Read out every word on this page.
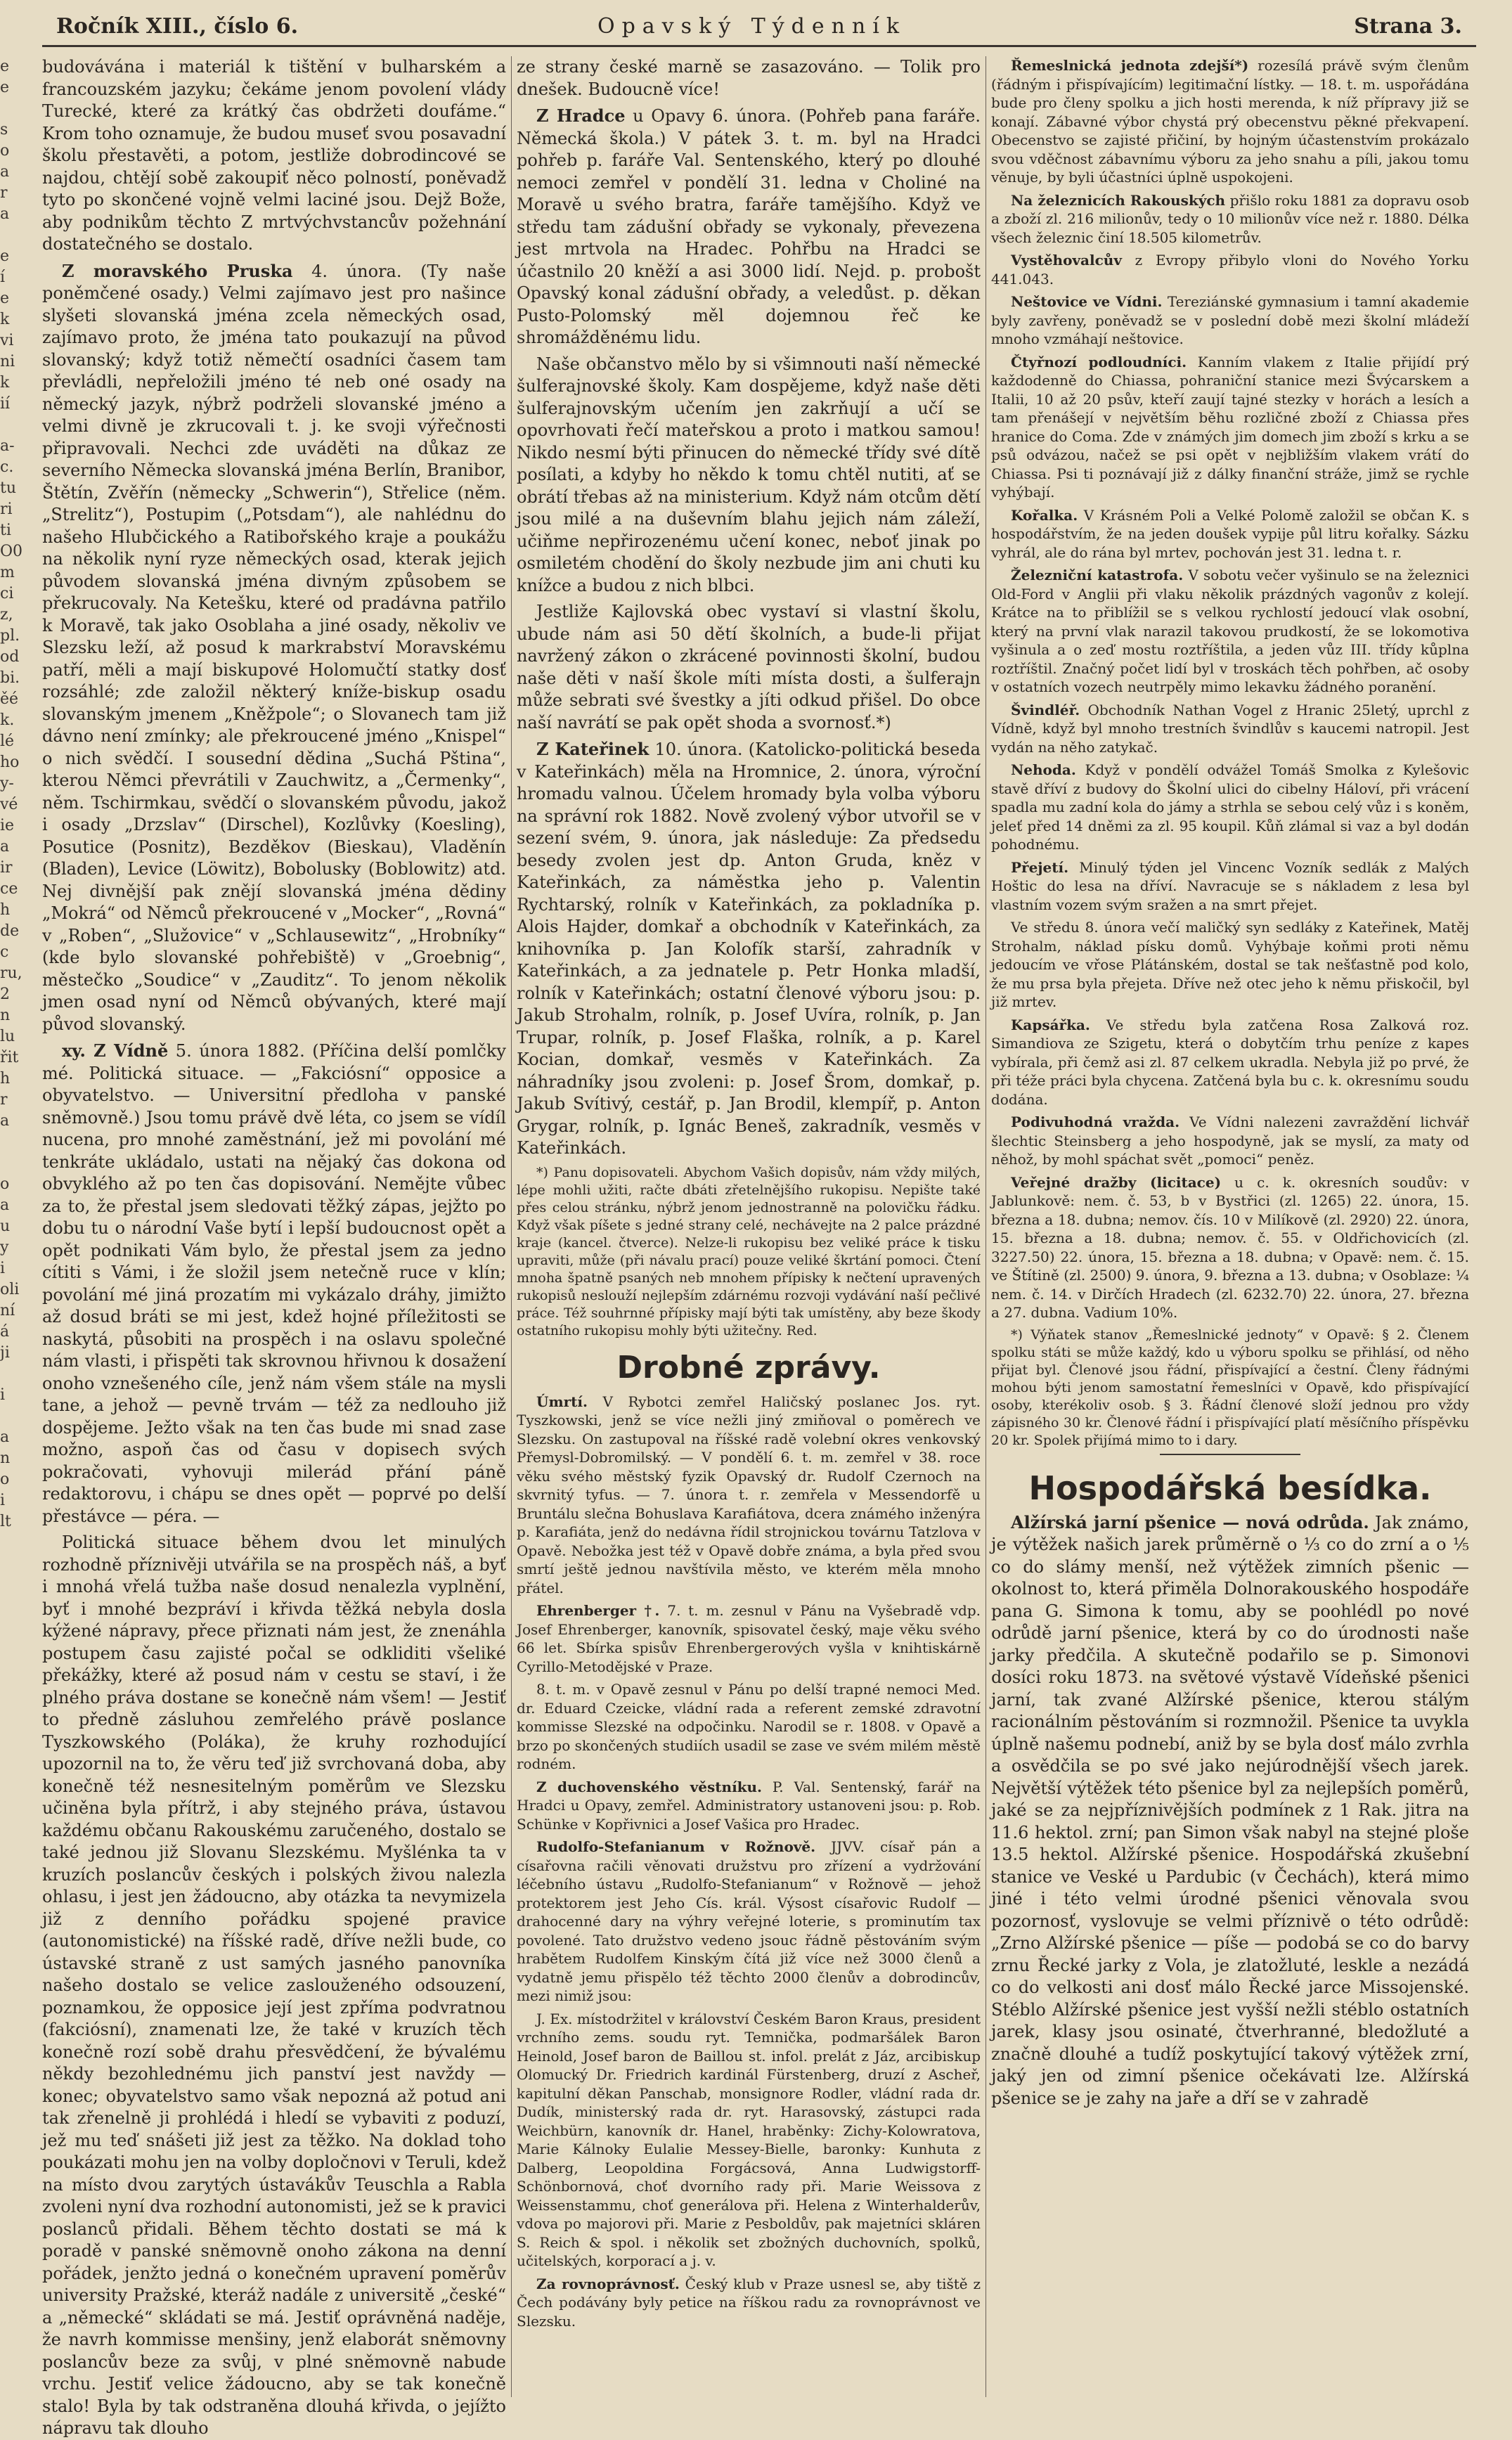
Ročník XIII., číslo 6.	Opavský Týdenník	Strana 3.
e
e

s
o
a
r
a

e
í
e
k
vi
ni
k
ií

a-
c.
tu
ri
ti
O0
m
ci
z,
pl.
od
bi.
ěé
k.
lé
ho
y-
vé
ie
a
ir
ce
h
de
c
ru,
2
n
lu
řit
h
r
a

o
a
u
y
i
oli
ní
á
ji

i

a
n
o
i
lt

budovávána i materiál k tištění v bulharském a francouzském jazyku; čekáme jenom povolení vlády Turecké, které za krátký čas obdržeti doufáme.“ Krom toho oznamuje, že budou museť svou posavadní školu přestavěti, a potom, jestliže dobrodincové se najdou, chtějí sobě zakoupiť něco polností, poněvadž tyto po skončené vojně velmi laciné jsou. Dejž Bože, aby podnikům těchto Z mrtvýchvstancův požehnání dostatečného se dostalo.

Z moravského Pruska 4. února. (Ty naše poněmčené osady.) Velmi zajímavo jest pro našince slyšeti slovanská jména zcela německých osad, zajímavo proto, že jména tato poukazují na původ slovanský; když totiž němečtí osadníci časem tam převládli, nepřeložili jméno té neb oné osady na německý jazyk, nýbrž podrželi slovanské jméno a velmi divně je zkrucovali t. j. ke svoji výřečnosti připravovali. Nechci zde uváděti na důkaz ze severního Německa slovanská jména Berlín, Branibor, Štětín, Zvěřín (německy „Schwerin“), Střelice (něm. „Strelitz“), Postupim („Potsdam“), ale nahlédnu do našeho Hlubčického a Ratibořského kraje a poukážu na několik nyní ryze německých osad, kterak jejich původem slovanská jména divným způsobem se překrucovaly. Na Ketešku, které od pradávna patřilo k Moravě, tak jako Osoblaha a jiné osady, několiv ve Slezsku leží, až posud k markrabství Moravskému patří, měli a mají biskupové Holomučtí statky dosť rozsáhlé; zde založil některý kníže-biskup osadu slovanským jmenem „Kněžpole“; o Slovanech tam již dávno není zmínky; ale překroucené jméno „Knispel“ o nich svědčí. I sousední dědina „Suchá Pština“, kterou Němci převrátili v Zauchwitz, a „Čermenky“, něm. Tschirmkau, svědčí o slovanském původu, jakož i osady „Drzslav“ (Dirschel), Kozlůvky (Koesling), Posutice (Posnitz), Bezděkov (Bieskau), Vladěnín (Bladen), Levice (Löwitz), Bobolusky (Boblowitz) atd. Nej divnější pak znějí slovanská jména dědiny „Mokrá“ od Němců překroucené v „Mocker“, „Rovná“ v „Roben“, „Služovice“ v „Schlausewitz“, „Hrobníky“ (kde bylo slovanské pohřebiště) v „Groebnig“, městečko „Soudice“ v „Zauditz“. To jenom několik jmen osad nyní od Němců obývaných, které mají původ slovanský.

xy. Z Vídně 5. února 1882. (Příčina delší pomlčky mé. Politická situace. — „Fakciósní“ opposice a obyvatelstvo. — Universitní předloha v panské sněmovně.) Jsou tomu právě dvě léta, co jsem se vídíl nucena, pro mnohé zaměstnání, jež mi povolání mé tenkráte ukládalo, ustati na nějaký čas dokona od obvyklého až po ten čas dopisování. Nemějte vůbec za to, že přestal jsem sledovati těžký zápas, jejžto po dobu tu o národní Vaše bytí i lepší budoucnost opět a opět podnikati Vám bylo, že přestal jsem za jedno cítiti s Vámi, i že složil jsem netečně ruce v klín; povolání mé jiná prozatím mi vykázalo dráhy, jimižto až dosud bráti se mi jest, kdež hojné příležitosti se naskytá, působiti na prospěch i na oslavu společné nám vlasti, i přispěti tak skrovnou hřivnou k dosažení onoho vznešeného cíle, jenž nám všem stále na mysli tane, a jehož — pevně trvám — též za nedlouho již dospějeme. Ježto však na ten čas bude mi snad zase možno, aspoň čas od času v dopisech svých pokračovati, vyhovuji milerád přání páně redaktorovu, i chápu se dnes opět — poprvé po delší přestávce — péra. —

Politická situace během dvou let minulých rozhodně příznivěji utvářila se na prospěch náš, a byť i mnohá vřelá tužba naše dosud nenalezla vyplnění, byť i mnohé bezpráví i křivda těžká nebyla dosla kýžené nápravy, přece přiznati nám jest, že znenáhla postupem času zajisté počal se odkliditi všeliké překážky, které až posud nám v cestu se staví, i že plného práva dostane se konečně nám všem! — Jestiť to předně zásluhou zemřelého právě poslance Tyszkowského (Poláka), že kruhy rozhodující upozornil na to, že věru teď již svrchovaná doba, aby konečně též nesnesitelným poměrům ve Slezsku učiněna byla přítrž, i aby stejného práva, ústavou každému občanu Rakouskému zaručeného, dostalo se také jednou již Slovanu Slezskému. Myšlénka ta v kruzích poslancův českých i polských živou nalezla ohlasu, i jest jen žádoucno, aby otázka ta nevymizela již z denního pořádku spojené pravice (autonomistické) na říšské radě, dříve nežli bude, co ústavské straně z ust samých jasného panovníka našeho dostalo se velice zaslouženého odsouzení, poznamkou, že opposice její jest zpříma podvratnou (fakciósní), znamenati lze, že také v kruzích těch konečně rozí sobě drahu přesvědčení, že bývalému někdy bezohlednému jich panství jest navždy — konec; obyvatelstvo samo však nepozná až potud ani tak zřenelně ji prohlédá i hledí se vybaviti z poduzí, jež mu teď snášeti již jest za těžko. Na doklad toho poukázati mohu jen na volby dopločnovi v Teruli, kdež na místo dvou zarytých ústavákův Teuschla a Rabla zvoleni nyní dva rozhodní autonomisti, jež se k pravici poslanců přidali. Během těchto dostati se má k poradě v panské sněmovně onoho zákona na denní pořádek, jenžto jedná o konečném upravení poměrův university Pražské, kteráž nadále z universitě „české“ a „německé“ skládati se má. Jestiť oprávněná naděje, že navrh kommisse menšiny, jenž elaborát sněmovny poslancův beze za svůj, v plné sněmovně nabude vrchu. Jestiť velice žádoucno, aby se tak konečně stalo! Byla by tak odstraněna dlouhá křivda, o jejížto nápravu tak dlouho

ze strany české marně se zasazováno. — Tolik pro dnešek. Budoucně více!

Z Hradce u Opavy 6. února. (Pohřeb pana faráře. Německá škola.) V pátek 3. t. m. byl na Hradci pohřeb p. faráře Val. Sentenského, který po dlouhé nemoci zemřel v pondělí 31. ledna v Choliné na Moravě u svého bratra, faráře tamějšího. Když ve středu tam zádušní obřady se vykonaly, převezena jest mrtvola na Hradec. Pohřbu na Hradci se účastnilo 20 kněží a asi 3000 lidí. Nejd. p. probošt Opavský konal zádušní obřady, a veledůst. p. děkan Pusto-Polomský měl dojemnou řeč ke shromážděnému lidu.

Naše občanstvo mělo by si všimnouti naší německé šulferajnovské školy. Kam dospějeme, když naše děti šulferajnovským učením jen zakrňují a učí se opovrhovati řečí mateřskou a proto i matkou samou! Nikdo nesmí býti přinucen do německé třídy své dítě posílati, a kdyby ho někdo k tomu chtěl nutiti, ať se obrátí třebas až na ministerium. Když nám otcům dětí jsou milé a na duševním blahu jejich nám záleží, učiňme nepřirozenému učení konec, neboť jinak po osmiletém chodění do školy nezbude jim ani chuti ku knížce a budou z nich blbci.

Jestliže Kajlovská obec vystaví si vlastní školu, ubude nám asi 50 dětí školních, a bude-li přijat navržený zákon o zkrácené povinnosti školní, budou naše děti v naší škole míti místa dosti, a šulferajn může sebrati své švestky a jíti odkud přišel. Do obce naší navrátí se pak opět shoda a svornosť.*)

Z Kateřinek 10. února. (Katolicko-politická beseda v Kateřinkách) měla na Hromnice, 2. února, výroční hromadu valnou. Účelem hromady byla volba výboru na správní rok 1882. Nově zvolený výbor utvořil se v sezení svém, 9. února, jak následuje: Za předsedu besedy zvolen jest dp. Anton Gruda, kněz v Kateřinkách, za náměstka jeho p. Valentin Rychtarský, rolník v Kateřinkách, za pokladníka p. Alois Hajder, domkař a obchodník v Kateřinkách, za knihovníka p. Jan Kolofík starší, zahradník v Kateřinkách, a za jednatele p. Petr Honka mladší, rolník v Kateřinkách; ostatní členové výboru jsou: p. Jakub Strohalm, rolník, p. Josef Uvíra, rolník, p. Jan Trupar, rolník, p. Josef Flaška, rolník, a p. Karel Kocian, domkař, vesměs v Kateřinkách. Za náhradníky jsou zvoleni: p. Josef Šrom, domkař, p. Jakub Svítivý, cestář, p. Jan Brodil, klempíř, p. Anton Grygar, rolník, p. Ignác Beneš, zakradník, vesměs v Kateřinkách.

*) Panu dopisovateli. Abychom Vašich dopisův, nám vždy milých, lépe mohli užiti, račte dbáti zřetelnějšího rukopisu. Nepište také přes celou stránku, nýbrž jenom jednostranně na polovičku řádku. Když však píšete s jedné strany celé, nechávejte na 2 palce prázdné kraje (kancel. čtverce). Nelze-li rukopisu bez veliké práce k tisku upraviti, může (při návalu prací) pouze veliké škrtání pomoci. Čtení mnoha špatně psaných neb mnohem přípisky k nečtení upravených rukopisů neslouží nejlepším zdárnému rozvoji vydávání naší pečlivé práce. Též souhrnné přípisky mají býti tak umístěny, aby beze škody ostatního rukopisu mohly býti užitečny. Red.

Drobné zprávy.

Úmrtí. V Rybotci zemřel Haličský poslanec Jos. ryt. Tyszkowski, jenž se více nežli jiný zmiňoval o poměrech ve Slezsku. On zastupoval na říšské radě volební okres venkovský Přemysl-Dobromilský. — V pondělí 6. t. m. zemřel v 38. roce věku svého městský fyzik Opavský dr. Rudolf Czernoch na skvrnitý tyfus. — 7. února t. r. zemřela v Messendorfě u Bruntálu slečna Bohuslava Karafiátova, dcera známého inženýra p. Karafiáta, jenž do nedávna řídil strojnickou továrnu Tatzlova v Opavě. Nebožka jest též v Opavě dobře známa, a byla před svou smrtí ještě jednou navštívila město, ve kterém měla mnoho přátel.

Ehrenberger †. 7. t. m. zesnul v Pánu na Vyšebradě vdp. Josef Ehrenberger, kanovník, spisovatel český, maje věku svého 66 let. Sbírka spisův Ehrenbergerových vyšla v knihtiskárně Cyrillo-Metodějské v Praze.

8. t. m. v Opavě zesnul v Pánu po delší trapné nemoci Med. dr. Eduard Czeicke, vládní rada a referent zemské zdravotní kommisse Slezské na odpočinku. Narodil se r. 1808. v Opavě a brzo po skončených studiích usadil se zase ve svém milém městě rodném.

Z duchovenského věstníku. P. Val. Sentenský, farář na Hradci u Opavy, zemřel. Administratory ustanoveni jsou: p. Rob. Schünke v Kopřivnici a Josef Vašica pro Hradec.

Rudolfo-Stefanianum v Rožnově. JJVV. císař pán a císařovna račili věnovati družstvu pro zřízení a vydržování léčebního ústavu „Rudolfo-Stefanianum“ v Rožnově — jehož protektorem jest Jeho Cís. král. Výsost císařovic Rudolf — drahocenné dary na výhry veřejné loterie, s prominutím tax povolené. Tato družstvo vedeno jsouc řádně pěstováním svým hrabětem Rudolfem Kinským čítá již více než 3000 členů a vydatně jemu přispělo též těchto 2000 členův a dobrodincův, mezi nimiž jsou:

J. Ex. místodržitel v království Českém Baron Kraus, president vrchního zems. soudu ryt. Temnička, podmaršálek Baron Heinold, Josef baron de Baillou st. infol. prelát z Jáz, arcibiskup Olomucký Dr. Friedrich kardinál Fürstenberg, druzí z Ascheř, kapitulní děkan Panschab, monsignore Rodler, vládní rada dr. Dudík, ministerský rada dr. ryt. Harasovský, zástupci rada Weichbürn, kanovník dr. Hanel, hraběnky: Zichy-Kolowratova, Marie Kálnoky Eulalie Messey-Bielle, baronky: Kunhuta z Dalberg, Leopoldina Forgácsová, Anna Ludwigstorff-Schönbornová, choť dvorního rady při. Marie Weissova z Weissenstammu, choť generálova při. Helena z Winterhalderův, vdova po majorovi při. Marie z Pesboldův, pak majetníci skláren S. Reich & spol. i několik set zbožných duchovních, spolků, učitelských, korporací a j. v.

Za rovnoprávnosť. Český klub v Praze usnesl se, aby tiště z Čech podávány byly petice na říškou radu za rovnoprávnost ve Slezsku.

Řemeslnická jednota zdejší*) rozesílá právě svým členům (řádným i přispívajícím) legitimační lístky. — 18. t. m. uspořádána bude pro členy spolku a jich hosti merenda, k níž přípravy již se konají. Zábavné výbor chystá prý obecenstvu pěkné překvapení. Obecenstvo se zajisté přičiní, by hojným účastenstvím prokázalo svou vděčnost zábavnímu výboru za jeho snahu a píli, jakou tomu věnuje, by byli účastníci úplně uspokojeni.

Na železnicích Rakouských přišlo roku 1881 za dopravu osob a zboží zl. 216 milionův, tedy o 10 milionův více než r. 1880. Délka všech železnic činí 18.505 kilometrův.

Vystěhovalcův z Evropy přibylo vloni do Nového Yorku 441.043.

Neštovice ve Vídni. Tereziánské gymnasium i tamní akademie byly zavřeny, poněvadž se v poslední době mezi školní mládeží mnoho vzmáhají neštovice.

Čtyřnozí podloudníci. Kanním vlakem z Italie přijídí prý každodenně do Chiassa, pohraniční stanice mezi Švýcarskem a Italii, 10 až 20 psův, kteří zaují tajné stezky v horách a lesích a tam přenášejí v největším běhu rozličné zboží z Chiassa přes hranice do Coma. Zde v známých jim domech jim zboží s krku a se psů odvázou, načež se psi opět v nejbližším vlakem vrátí do Chiassa. Psi ti poznávají již z dálky finanční stráže, jimž se rychle vyhýbají.

Kořalka. V Krásném Poli a Velké Polomě založil se občan K. s hospodářstvím, že na jeden doušek vypije půl litru kořalky. Sázku vyhrál, ale do rána byl mrtev, pochován jest 31. ledna t. r.

Železniční katastrofa. V sobotu večer vyšinulo se na železnici Old-Ford v Anglii při vlaku několik prázdných vagonův z kolejí. Krátce na to přiblížil se s velkou rychlostí jedoucí vlak osobní, který na první vlak narazil takovou prudkostí, že se lokomotiva vyšinula a o zeď mostu roztříštila, a jeden vůz III. třídy kůplna roztříštil. Značný počet lidí byl v troskách těch pohřben, ač osoby v ostatních vozech neutrpěly mimo lekavku žádného poranění.

Švindléř. Obchodník Nathan Vogel z Hranic 25letý, uprchl z Vídně, když byl mnoho trestních švindlův s kaucemi natropil. Jest vydán na něho zatykač.

Nehoda. Když v pondělí odvážel Tomáš Smolka z Kylešovic stavě dříví z budovy do Školní ulici do cibelny Háloví, při vrácení spadla mu zadní kola do jámy a strhla se sebou celý vůz i s koněm, jeleť před 14 dněmi za zl. 95 koupil. Kůň zlámal si vaz a byl dodán pohodnému.

Přejetí. Minulý týden jel Vincenc Vozník sedlák z Malých Hoštic do lesa na dříví. Navracuje se s nákladem z lesa byl vlastním vozem svým sražen a na smrt přejet.

Ve středu 8. února večí maličký syn sedláky z Kateřinek, Matěj Strohalm, náklad písku domů. Vyhýbaje koňmi proti němu jedoucím ve vřose Plátánském, dostal se tak nešťastně pod kolo, že mu prsa byla přejeta. Dříve než otec jeho k němu přiskočil, byl již mrtev.

Kapsářka. Ve středu byla zatčena Rosa Zalková roz. Simandiova ze Szigetu, která o dobytčím trhu peníze z kapes vybírala, při čemž asi zl. 87 celkem ukradla. Nebyla již po prvé, že při téže práci byla chycena. Zatčená byla bu c. k. okresnímu soudu dodána.

Podivuhodná vražda. Ve Vídni nalezeni zavraždění lichvář šlechtic Steinsberg a jeho hospodyně, jak se myslí, za maty od něhož, by mohl spáchat svět „pomoci“ peněz.

Veřejné dražby (licitace) u c. k. okresních soudův: v Jablunkově: nem. č. 53, b v Bystřici (zl. 1265) 22. února, 15. března a 18. dubna; nemov. čís. 10 v Milíkově (zl. 2920) 22. února, 15. března a 18. dubna; nemov. č. 55. v Oldřichovicích (zl. 3227.50) 22. února, 15. března a 18. dubna; v Opavě: nem. č. 15. ve Štítině (zl. 2500) 9. února, 9. března a 13. dubna; v Osoblaze: ¼ nem. č. 14. v Dirčích Hradech (zl. 6232.70) 22. února, 27. března a 27. dubna. Vadium 10%.

*) Výňatek stanov „Řemeslnické jednoty“ v Opavě: § 2. Členem spolku státi se může každý, kdo u výboru spolku se přihlásí, od něho přijat byl. Členové jsou řádní, přispívající a čestní. Členy řádnými mohou býti jenom samostatní řemeslníci v Opavě, kdo přispívající osoby, kterékoliv osob. § 3. Řádní členové složí jednou pro vždy zápisného 30 kr. Členové řádní i přispívající platí měsíčního příspěvku 20 kr. Spolek přijímá mimo to i dary.

Hospodářská besídka.

Alžírská jarní pšenice — nová odrůda. Jak známo, je výtěžek našich jarek průměrně o ⅓ co do zrní a o ⅕ co do slámy menší, než výtěžek zimních pšenic — okolnost to, která přiměla Dolnorakouského hospodáře pana G. Simona k tomu, aby se poohlédl po nové odrůdě jarní pšenice, která by co do úrodnosti naše jarky předčila. A skutečně podařilo se p. Simonovi dosíci roku 1873. na světové výstavě Vídeňské pšenici jarní, tak zvané Alžírské pšenice, kterou stálým racionálním pěstováním si rozmnožil. Pšenice ta uvykla úplně našemu podnebí, aniž by se byla dosť málo zvrhla a osvědčila se po své jako nejúrodnější všech jarek. Největší výtěžek této pšenice byl za nejlepších poměrů, jaké se za nejpříznivějších podmínek z 1 Rak. jitra na 11.6 hektol. zrní; pan Simon však nabyl na stejné ploše 13.5 hektol. Alžírské pšenice. Hospodářská zkušební stanice ve Veské u Pardubic (v Čechách), která mimo jiné i této velmi úrodné pšenici věnovala svou pozornosť, vyslovuje se velmi příznivě o této odrůdě: „Zrno Alžírské pšenice — píše — podobá se co do barvy zrnu Řecké jarky z Vola, je zlatožluté, leskle a nezádá co do velkosti ani dosť málo Řecké jarce Missojenské. Stéblo Alžírské pšenice jest vyšší nežli stéblo ostatních jarek, klasy jsou osinaté, čtverhranné, bledožluté a značně dlouhé a tudíž poskytující takový výtěžek zrní, jaký jen od zimní pšenice očekávati lze. Alžírská pšenice se je zahy na jaře a dří se v zahradě
